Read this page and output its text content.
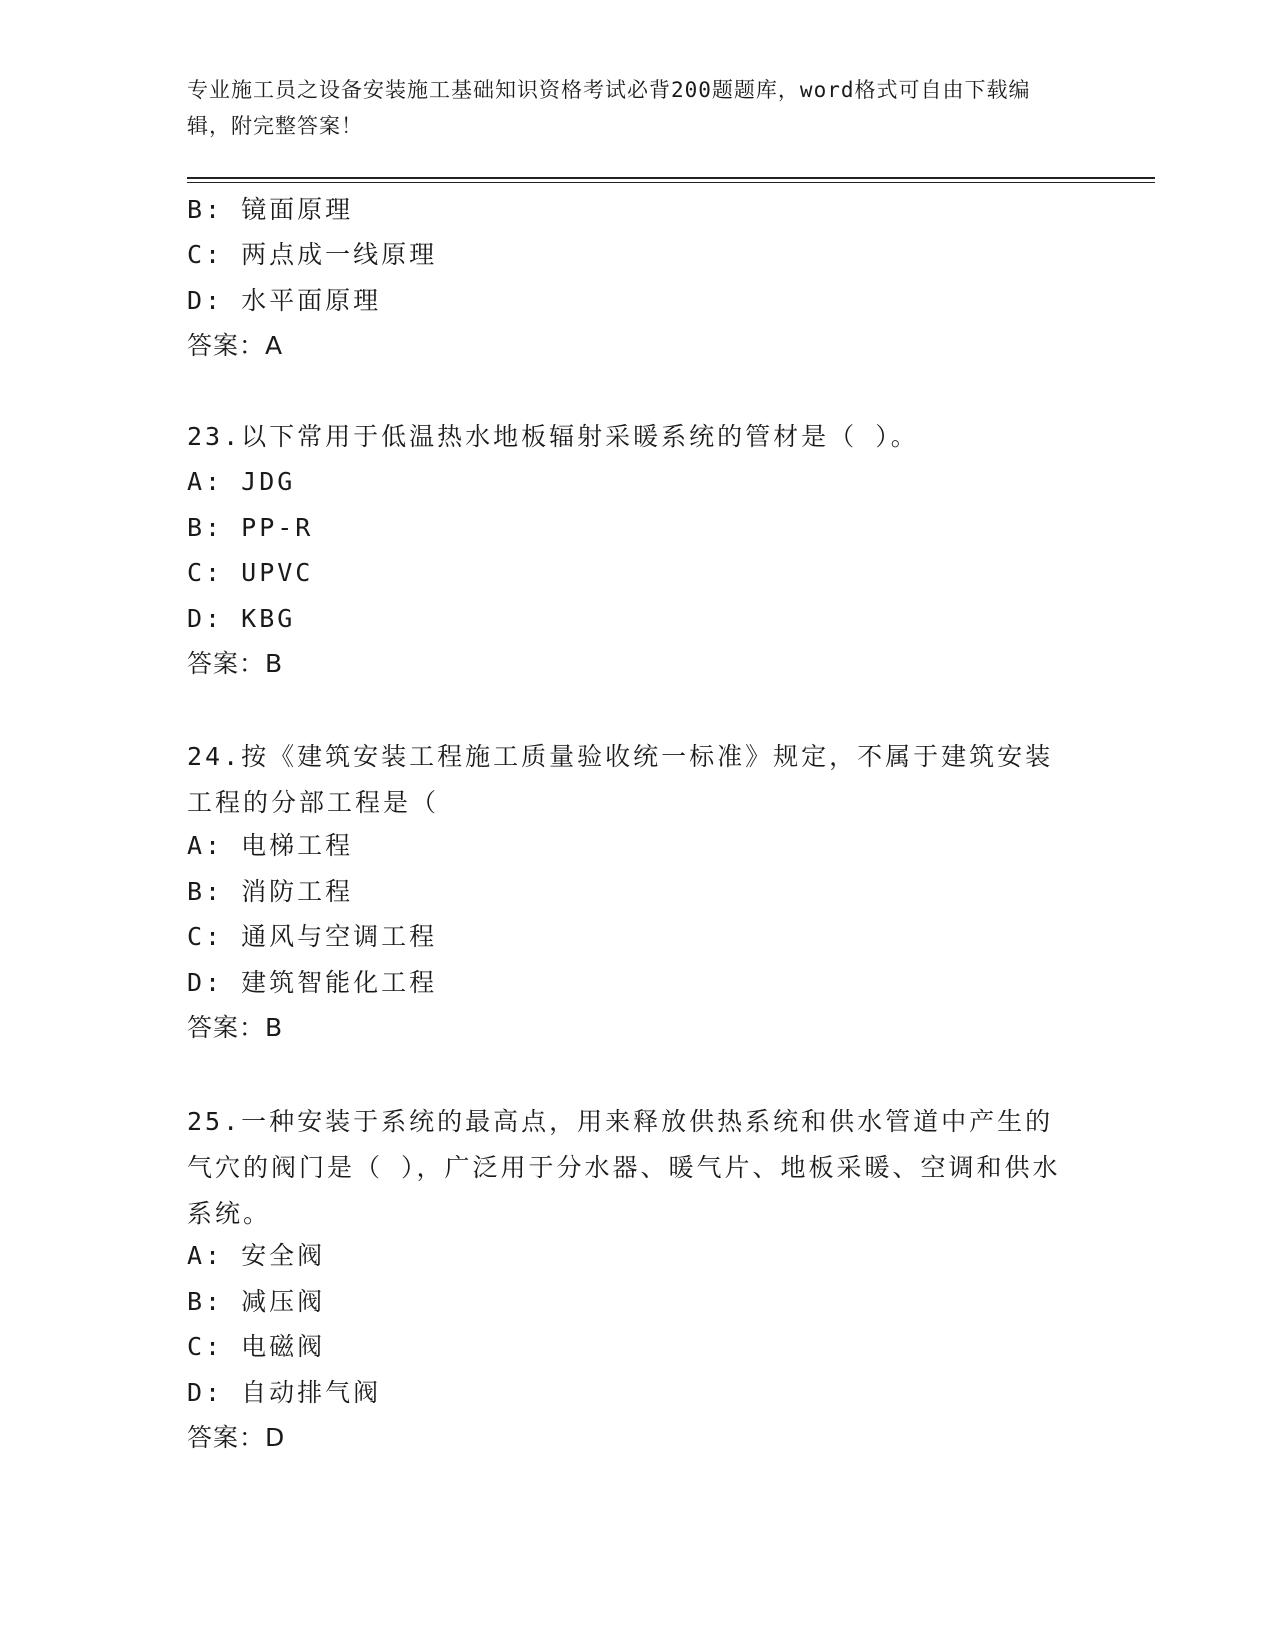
专业施工员之设备安装施工基础知识资格考试必背200题题库，word格式可自由下载编辑，附完整答案！
B: 镜面原理
C: 两点成一线原理
D: 水平面原理
答案：A
23.以下常用于低温热水地板辐射采暖系统的管材是（ ）。
A: JDG
B: PP-R
C: UPVC
D: KBG
答案：B
24.按《建筑安装工程施工质量验收统一标准》规定，不属于建筑安装工程的分部工程是（
A: 电梯工程
B: 消防工程
C: 通风与空调工程
D: 建筑智能化工程
答案：B
25.一种安装于系统的最高点，用来释放供热系统和供水管道中产生的气穴的阀门是（ ），广泛用于分水器、暖气片、地板采暖、空调和供水系统。
A: 安全阀
B: 减压阀
C: 电磁阀
D: 自动排气阀
答案：D
